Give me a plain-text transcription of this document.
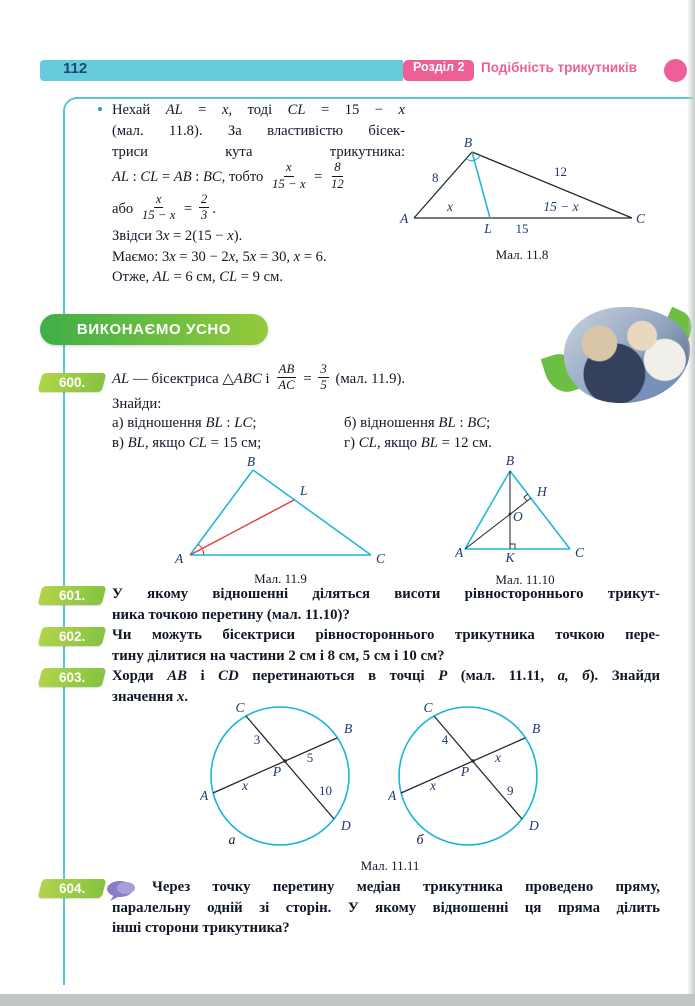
112	Розділ 2	Подібність трикутників
• Нехай AL = x, тоді CL = 15 − x
(мал. 11.8). За властивістю бісек-
триси кута трикутника:
AL : CL = AB : BC, тобто $\frac{x}{15 - x} = \frac{8}{12}$
або $\frac{x}{15 - x} = \frac{2}{3}$ .
Звідси 3x = 2(15 − x).
Маємо: 3x = 30 − 2x, 5x = 30, x = 6.
Отже, AL = 6 см, CL = 9 см.
B
8	12
A
x
L
15 − x
15
C
Мал. 11.8
ВИКОНАЄМО УСНО
600. AL — бісектриса △ABC і $\frac{AB}{AC} = \frac{3}{5} (мал$. 11.9).
Знайди:
а) відношення BL : LC;	б) відношення BL : BC;
в) BL, якщо CL = 15 см;	г) CL, якщо BL = 12 см.
B
L
A	C
Мал. 11.9
B
H
O
A	K	C
Мал. 11.10
601. У якому відношенні діляться висоти рівностороннього трикут-
ника точкою перетину (мал. 11.10)?
602. Чи можуть бісектриси рівностороннього трикутника точкою пере-
тину ділитися на частини 2 см і 8 см, 5 см і 10 см?
603. Хорди AB і CD перетинаються в точці P (мал. 11.11, а, б). Знайди
значення x.
C
B
A
D
P
3
5
x	10
C
B
A
D
P
4
x
x	9
а	б
Мал. 11.11
604.	Через точку перетину медіан трикутника проведено пряму,
паралельну одній зі сторін. У якому відношенні ця пряма ділить
інші сторони трикутника?
